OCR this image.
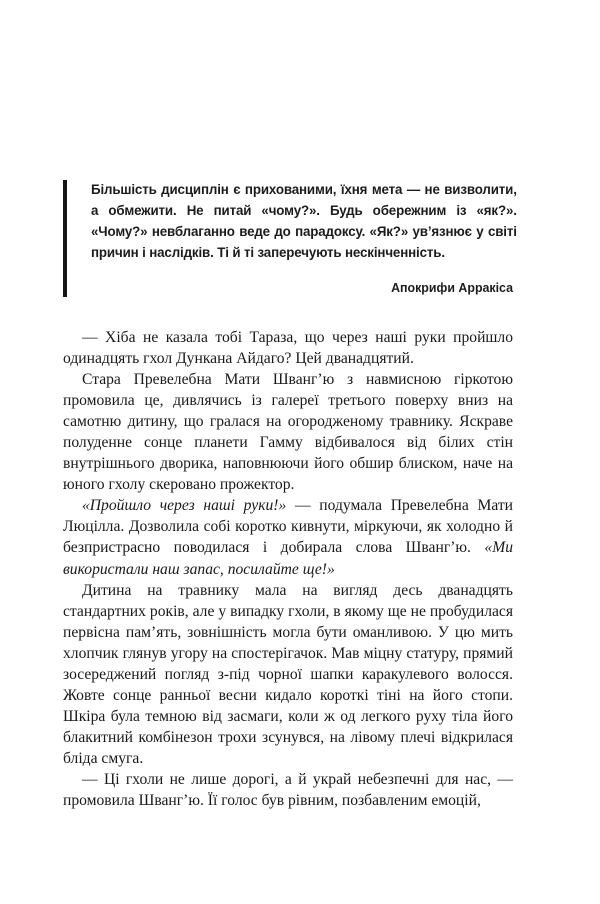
Більшість дисциплін є прихованими, їхня мета — не визволити, а обмежити. Не питай «чому?». Будь обережним із «як?». «Чому?» невблаганно веде до парадоксу. «Як?» ув’язнює у світі причин і наслідків. Ті й ті заперечують нескінченність.

Апокрифи Арракіса

— Хіба не казала тобі Тараза, що через наші руки пройшло одинадцять гхол Дункана Айдаго? Цей дванадцятий.

Стара Превелебна Мати Шванг’ю з навмисною гіркотою промовила це, дивлячись із галереї третього поверху вниз на самотню дитину, що гралася на огородженому травнику. Яскраве полуденне сонце планети Гамму відбивалося від білих стін внутрішнього дворика, наповнюючи його обшир блиском, наче на юного гхолу скеровано прожектор.

«Пройшло через наші руки!» — подумала Превелебна Мати Люцілла. Дозволила собі коротко кивнути, міркуючи, як холодно й безпристрасно поводилася і добирала слова Шванг’ю. «Ми використали наш запас, посилайте ще!»

Дитина на травнику мала на вигляд десь дванадцять стандартних років, але у випадку гхоли, в якому ще не пробудилася первісна пам’ять, зовнішність могла бути оманливою. У цю мить хлопчик глянув угору на спостерігачок. Мав міцну статуру, прямий зосереджений погляд з-під чорної шапки каракулевого волосся. Жовте сонце ранньої весни кидало короткі тіні на його стопи. Шкіра була темною від засмаги, коли ж од легкого руху тіла його блакитний комбінезон трохи зсунувся, на лівому плечі відкрилася бліда смуга.

— Ці гхоли не лише дорогі, а й украй небезпечні для нас, — промовила Шванг’ю. Її голос був рівним, позбавленим емоцій,
